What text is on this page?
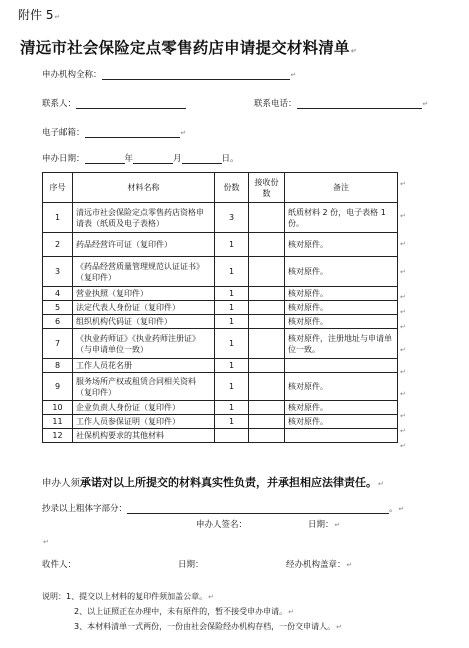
附件 5↵
清远市社会保险定点零售药店申请提交材料清单↵
申办机构全称：	↵
联系人：	联系电话：	↵
电子邮箱：	↵
申办日期：	年	月	日。
序号	材料名称	份数	接收份数	备注
1	清远市社会保险定点零售药店资格申请表（纸质及电子表格）	3		纸质材料 2 份，电子表格 1 份。
2	药品经营许可证（复印件）	1		核对原件。
3	《药品经营质量管理规范认证证书》（复印件）	1		核对原件。
4	营业执照（复印件）	1		核对原件。
5	法定代表人身份证（复印件）	1		核对原件。
6	组织机构代码证（复印件）	1		核对原件。
7	《执业药师证》《执业药师注册证》（与申请单位一致）	1		核对原件，注册地址与申请单位一致。
8	工作人员花名册	1		
9	服务场所产权或租赁合同相关资料（复印件）	1		核对原件。
10	企业负责人身份证（复印件）	1		核对原件。
11	工作人员参保证明（复印件）	1		核对原件。
12	社保机构要求的其他材料			
↵
↵
↵
↵
↵
↵
↵
↵
↵
↵
↵
↵
↵
申办人须承诺对以上所提交的材料真实性负责，并承担相应法律责任。↵
抄录以上粗体字部分：	。↵
申办人签名：	日期：↵
↵
收件人：	日期：	经办机构盖章：↵
说明：1、提交以上材料的复印件须加盖公章。↵
2、以上证照正在办理中，未有原件的，暂不接受申办申请。↵
3、本材料清单一式两份，一份由社会保险经办机构存档，一份交申请人。↵
